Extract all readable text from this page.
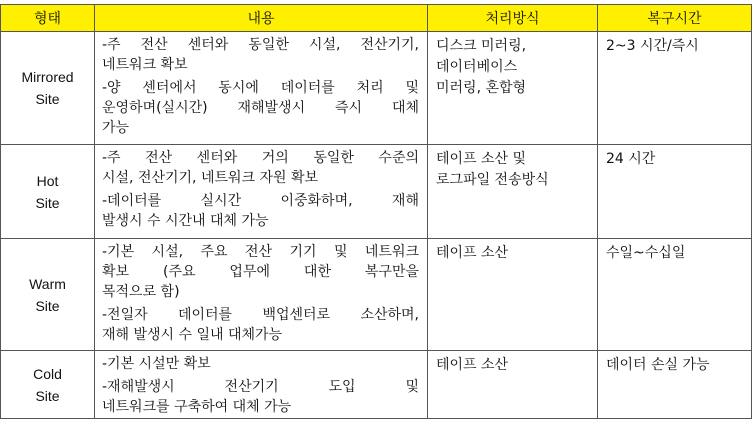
형태	내용	처리방식	복구시간

Mirrored
Site	-주 전산 센터와 동일한 시설, 전산기기,
네트워크 확보
-양 센터에서 동시에 데이터를 처리 및
운영하며(실시간) 재해발생시 즉시 대체
가능	디스크 미러링,
데이터베이스
미러링, 혼합형	2~3 시간/즉시

Hot
Site	-주 전산 센터와 거의 동일한 수준의
시설, 전산기기, 네트워크 자원 확보
-데이터를 실시간 이중화하며, 재해
발생시 수 시간내 대체 가능	테이프 소산 및
로그파일 전송방식	24 시간

Warm
Site	-기본 시설, 주요 전산 기기 및 네트워크
확보 (주요 업무에 대한 복구만을
목적으로 함)
-전일자 데이터를 백업센터로 소산하며,
재해 발생시 수 일내 대체가능	테이프 소산	수일~수십일

Cold
Site	-기본 시설만 확보
-재해발생시 전산기기 도입 및
네트워크를 구축하여 대체 가능	테이프 소산	데이터 손실 가능
